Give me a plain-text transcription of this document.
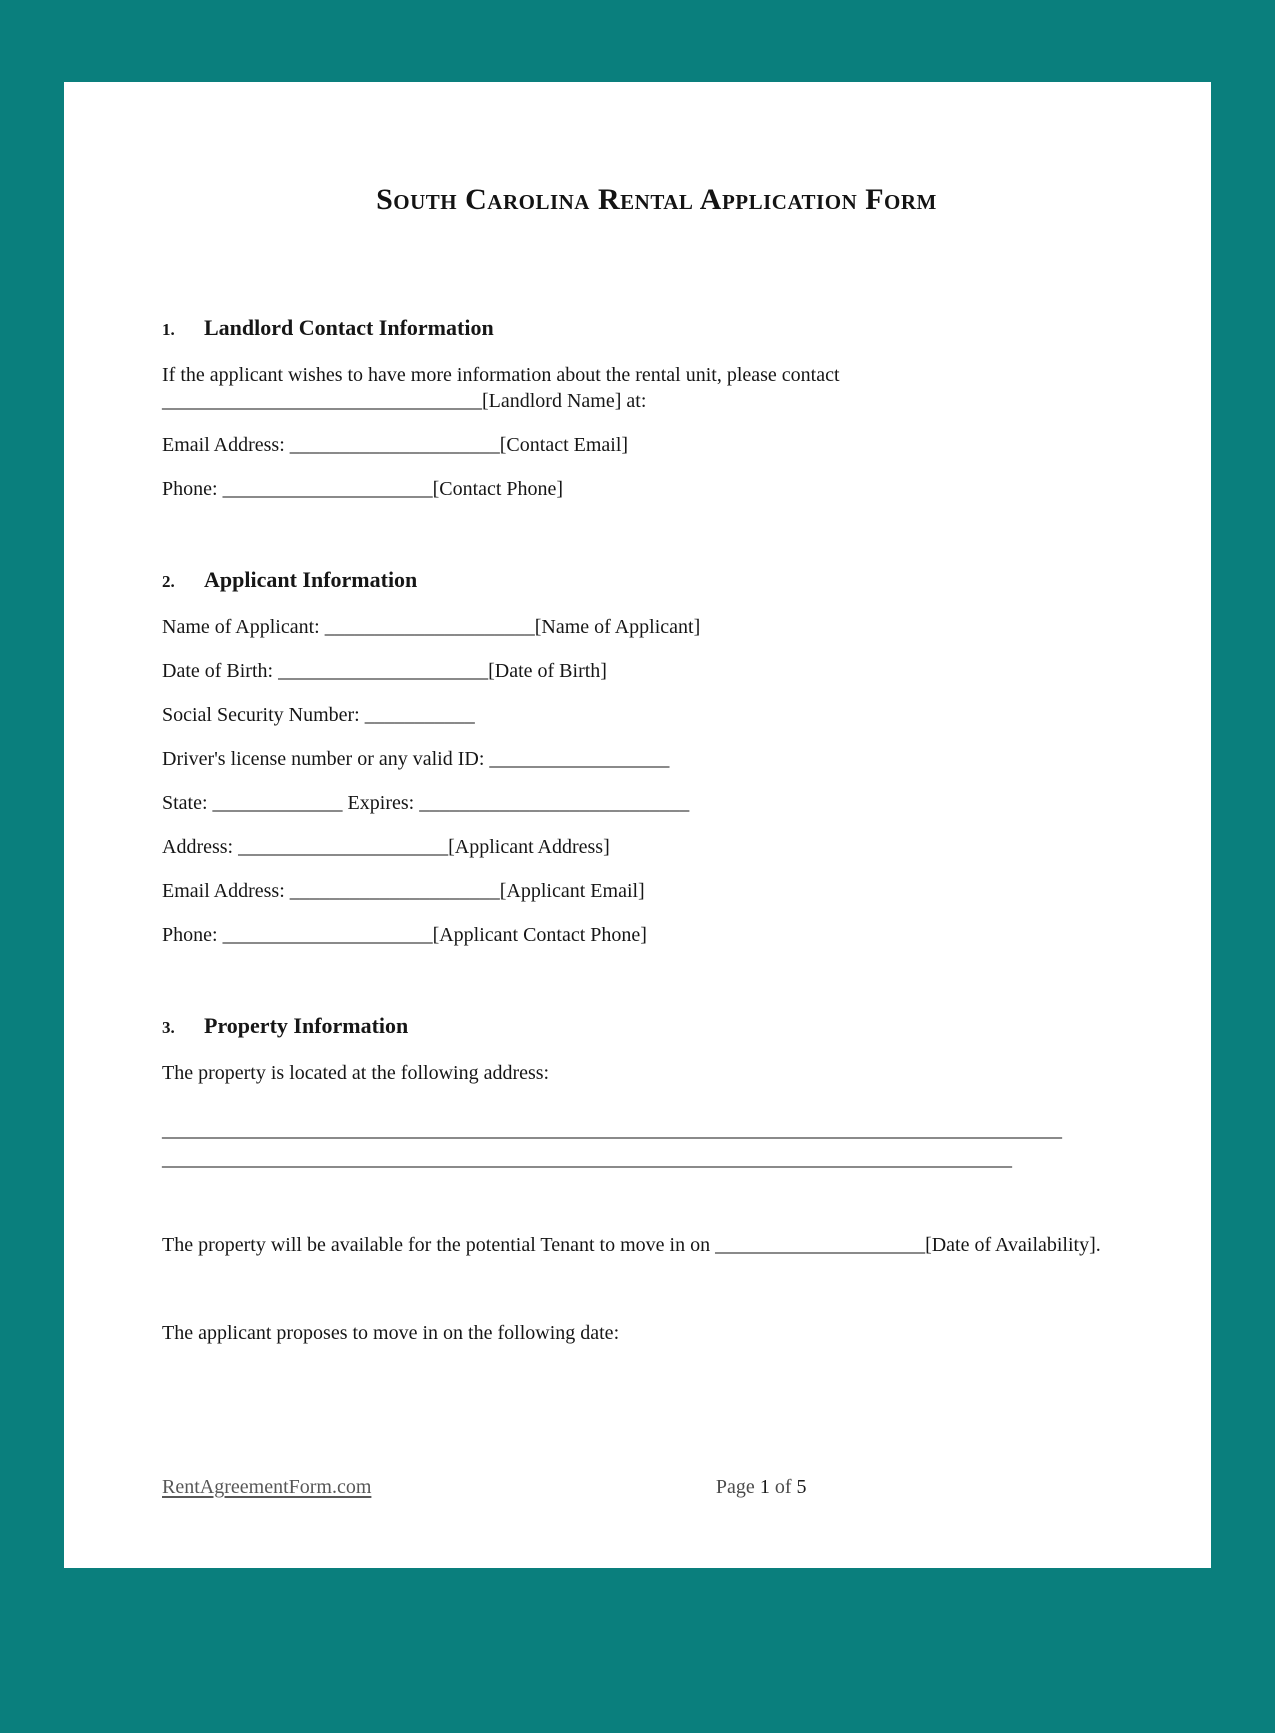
South Carolina Rental Application Form
1.	Landlord Contact Information

If the applicant wishes to have more information about the rental unit, please contact ________________________________[Landlord Name] at:

Email Address: _____________________[Contact Email]

Phone: _____________________[Contact Phone]

2.	Applicant Information

Name of Applicant: _____________________[Name of Applicant]

Date of Birth: _____________________[Date of Birth]

Social Security Number: ___________

Driver's license number or any valid ID: __________________

State: _____________ Expires: ___________________________

Address: _____________________[Applicant Address]

Email Address: _____________________[Applicant Email]

Phone: _____________________[Applicant Contact Phone]

3.	Property Information

The property is located at the following address:

__________________________________________________________________________________________
_____________________________________________________________________________________

The property will be available for the potential Tenant to move in on _____________________[Date of Availability].

The applicant proposes to move in on the following date:

RentAgreementForm.com	Page 1 of 5
